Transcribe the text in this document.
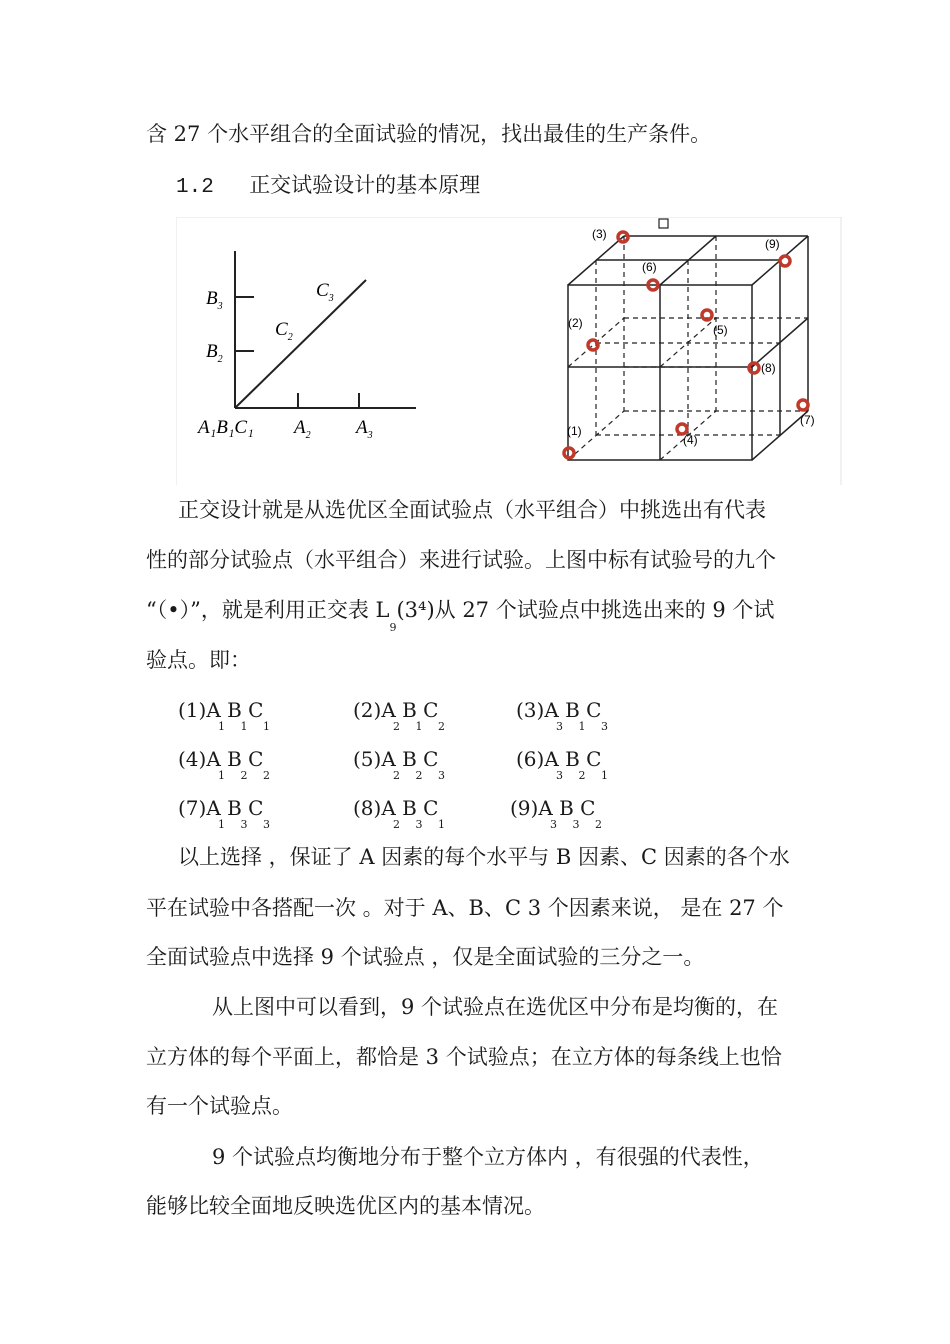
含 27 个水平组合的全面试验的情况，找出最佳的生产条件。
1.2 正交试验设计的基本原理
$B_3$
$B_2$
$C_3$
$C_2$
A₁B₁C₁ $A_2$ $A_3$	(1)
(2)
(3)
(4)
(5)
(6)
(7)
(8)
(9)
正交设计就是从选优区全面试验点（水平组合）中挑选出有代表
性的部分试验点（水平组合）来进行试验。上图中标有试验号的九个
“（•）”，就是利用正交表 $L_9(3^4)$从 27 个试验点中挑选出来的 9 个试
验点。即：
(1)A B C
1 1 1
(2)A B C
2 1 2
(3)A B C
3 1 3
(4)A B C
1 2 2
(5)A B C
2 2 3
(6)A B C
3 2 1
(7)A B C
1 3 3
(8)A B C
2 3 1
(9)A B C
3 3 2
以上选择 ，保证了 A 因素的每个水平与 B 因素、C 因素的各个水
平在试验中各搭配一次 。对于 A、B、C 3 个因素来说， 是在 27 个
全面试验点中选择 9 个试验点 ，仅是全面试验的三分之一。
从上图中可以看到，9 个试验点在选优区中分布是均衡的，在
立方体的每个平面上，都恰是 3 个试验点；在立方体的每条线上也恰
有一个试验点。
9 个试验点均衡地分布于整个立方体内 ，有很强的代表性，
能够比较全面地反映选优区内的基本情况。
